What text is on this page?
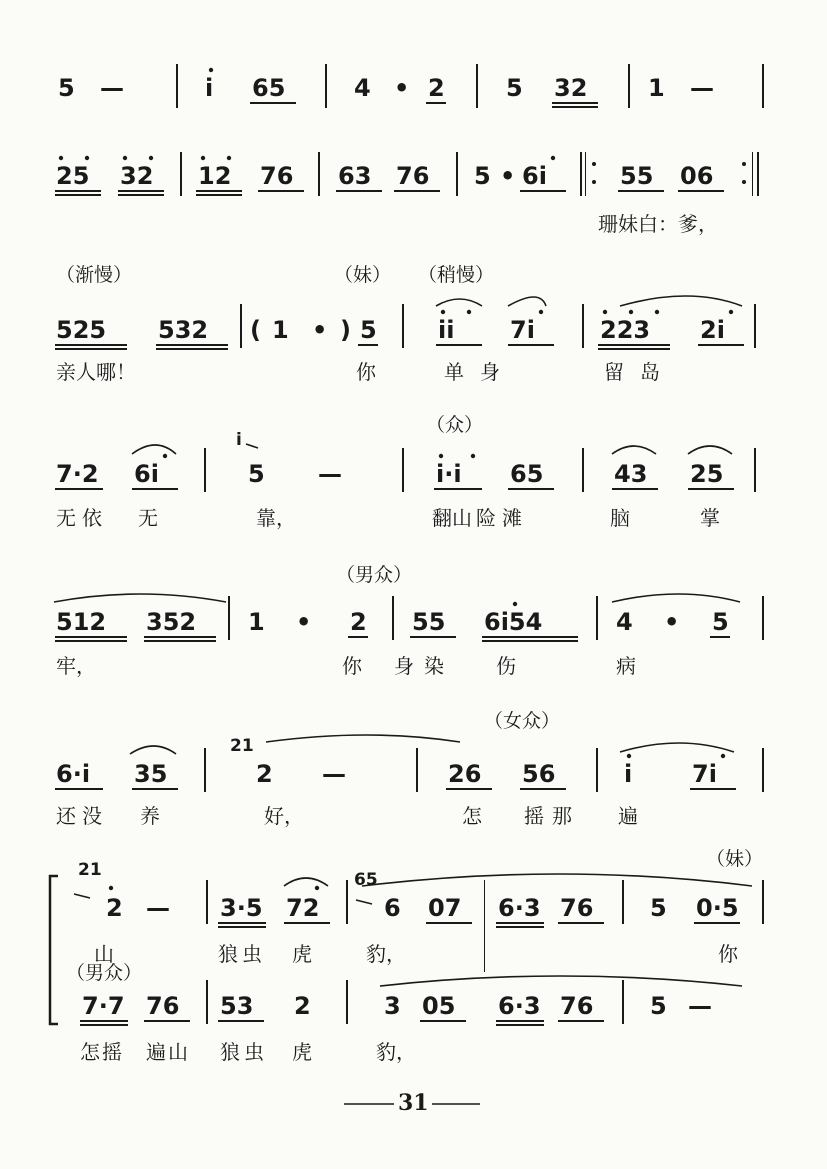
5 —	i 65	4 • 2	5 32	1 —
25 32 12 76 63 76 5 • 6i	55 06
珊妹白：爹，
（渐慢）	（妹） （稍慢）
525 532 ( 1 • ) 5	ii 7i	223 2i
亲人哪！	你	单身	留岛
（众）
7·2 6i
i
5 —	i·i 65	43 25
无依 无	靠，	翻山 险滩	脑	掌
（男众）
512 352 1 • 2 55 6i54	4 • 5
牢，	你 身染 伤	病
（女众）
6·i 35
21
2 —	26 56	i 7i
还没 养	好，	怎 摇那 遍
（妹）
21
2 — 3·5 72
65
6 07 6·3 76 5 0·5
山	狼虫 虎	豹，	你
（男众）
7·7 76 53 2	3 05 6·3 76 5 —
怎摇 遍山 狼虫 虎	豹，
31
